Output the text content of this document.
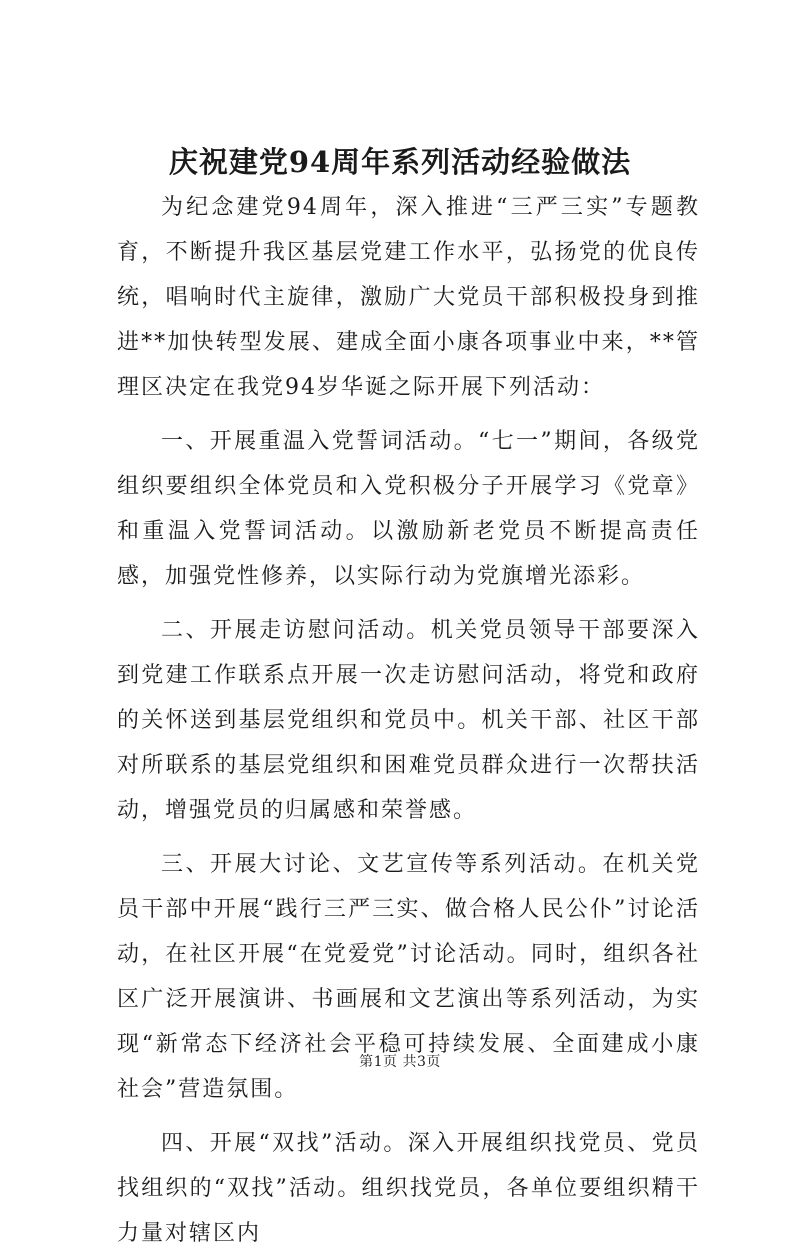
庆祝建党94周年系列活动经验做法

为纪念建党94周年，深入推进“三严三实”专题教育，不断提升我区基层党建工作水平，弘扬党的优良传统，唱响时代主旋律，激励广大党员干部积极投身到推进**加快转型发展、建成全面小康各项事业中来，**管理区决定在我党94岁华诞之际开展下列活动：

一、开展重温入党誓词活动。“七一”期间，各级党组织要组织全体党员和入党积极分子开展学习《党章》和重温入党誓词活动。以激励新老党员不断提高责任感，加强党性修养，以实际行动为党旗增光添彩。

二、开展走访慰问活动。机关党员领导干部要深入到党建工作联系点开展一次走访慰问活动，将党和政府的关怀送到基层党组织和党员中。机关干部、社区干部对所联系的基层党组织和困难党员群众进行一次帮扶活动，增强党员的归属感和荣誉感。

三、开展大讨论、文艺宣传等系列活动。在机关党员干部中开展“践行三严三实、做合格人民公仆”讨论活动，在社区开展“在党爱党”讨论活动。同时，组织各社区广泛开展演讲、书画展和文艺演出等系列活动，为实现“新常态下经济社会平稳可持续发展、全面建成小康社会”营造氛围。

四、开展“双找”活动。深入开展组织找党员、党员找组织的“双找”活动。组织找党员，各单位要组织精干力量对辖区内

第1页 共3页
